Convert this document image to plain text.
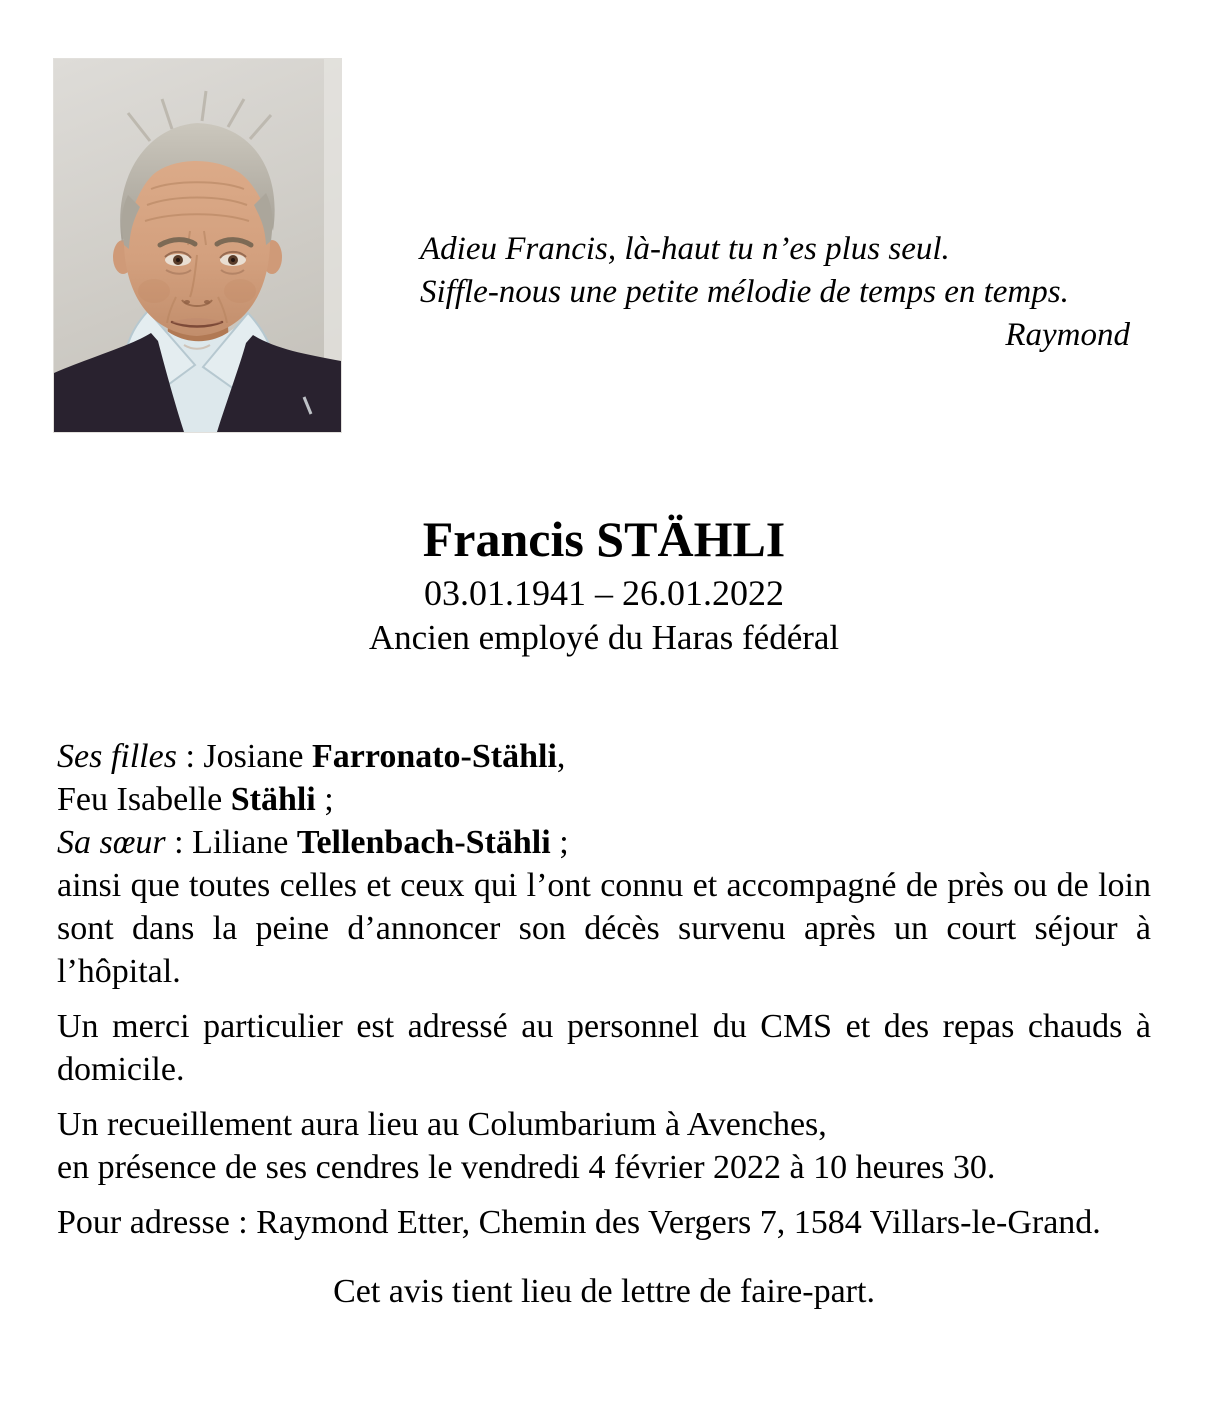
Adieu Francis, là-haut tu n’es plus seul.
Siffle-nous une petite mélodie de temps en temps.
Raymond
Francis STÄHLI
03.01.1941 – 26.01.2022
Ancien employé du Haras fédéral
Ses filles : Josiane Farronato-Stähli,
Feu Isabelle Stähli ;
Sa sœur : Liliane Tellenbach-Stähli ;
ainsi que toutes celles et ceux qui l’ont connu et accompagné de près ou de loin
sont dans la peine d’annoncer son décès survenu après un court séjour à
l’hôpital.
Un merci particulier est adressé au personnel du CMS et des repas chauds à
domicile.
Un recueillement aura lieu au Columbarium à Avenches,
en présence de ses cendres le vendredi 4 février 2022 à 10 heures 30.
Pour adresse : Raymond Etter, Chemin des Vergers 7, 1584 Villars-le-Grand.
Cet avis tient lieu de lettre de faire-part.
